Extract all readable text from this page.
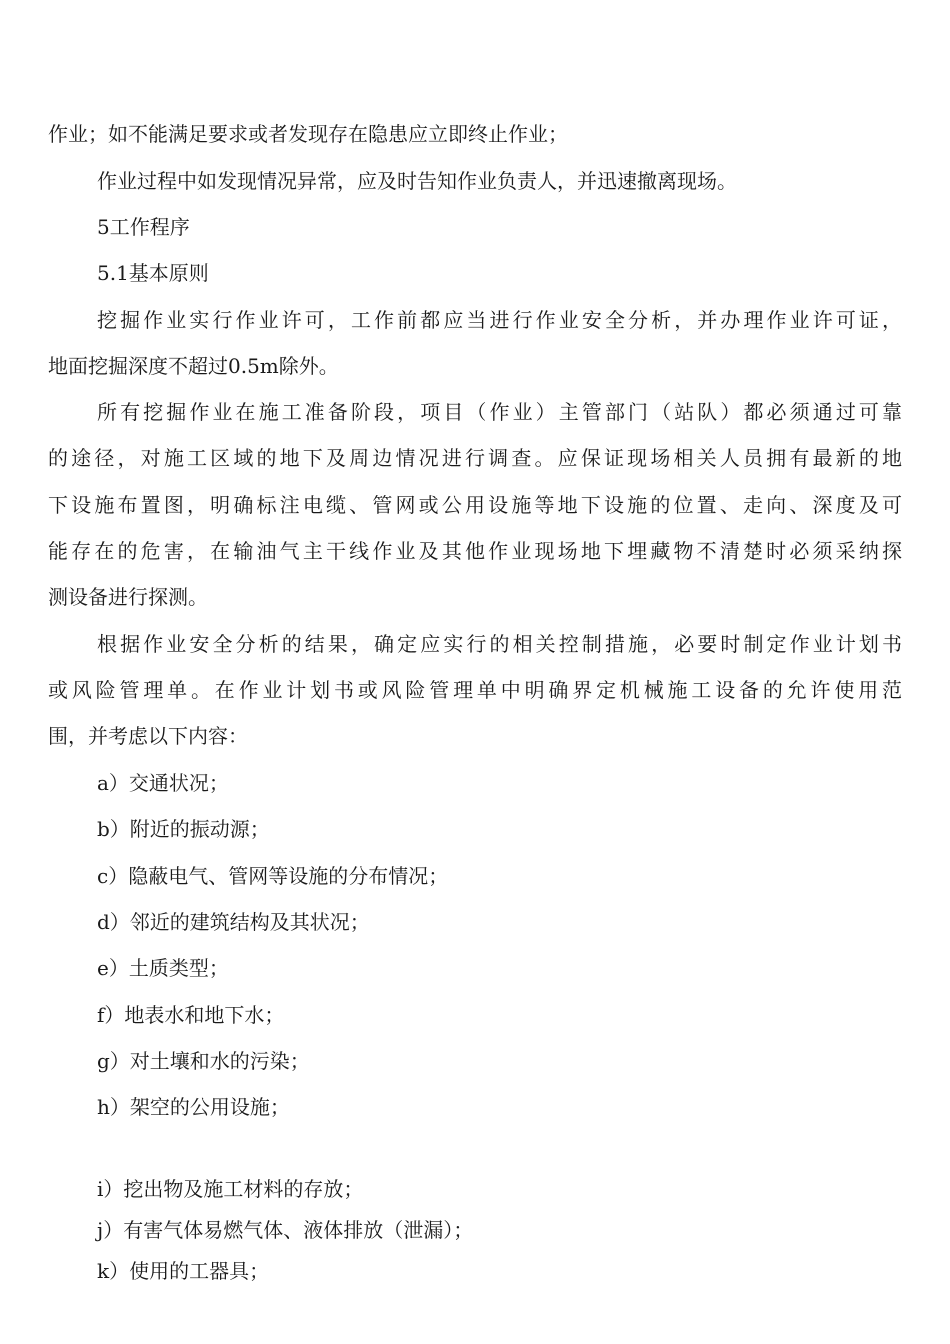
作业；如不能满足要求或者发现存在隐患应立即终止作业；

作业过程中如发现情况异常，应及时告知作业负责人，并迅速撤离现场。

5工作程序

5.1基本原则

挖掘作业实行作业许可，工作前都应当进行作业安全分析，并办理作业许可证，

地面挖掘深度不超过0.5m除外。

所有挖掘作业在施工准备阶段，项目（作业）主管部门（站队）都必须通过可靠

的途径，对施工区域的地下及周边情况进行调查。应保证现场相关人员拥有最新的地

下设施布置图，明确标注电缆、管网或公用设施等地下设施的位置、走向、深度及可

能存在的危害，在输油气主干线作业及其他作业现场地下埋藏物不清楚时必须采纳探

测设备进行探测。

根据作业安全分析的结果，确定应实行的相关控制措施，必要时制定作业计划书

或风险管理单。在作业计划书或风险管理单中明确界定机械施工设备的允许使用范

围，并考虑以下内容：

a）交通状况；

b）附近的振动源；

c）隐蔽电气、管网等设施的分布情况；

d）邻近的建筑结构及其状况；

e）土质类型；

f）地表水和地下水；

g）对土壤和水的污染；

h）架空的公用设施；

i）挖出物及施工材料的存放；

j）有害气体易燃气体、液体排放（泄漏）；

k）使用的工器具；
